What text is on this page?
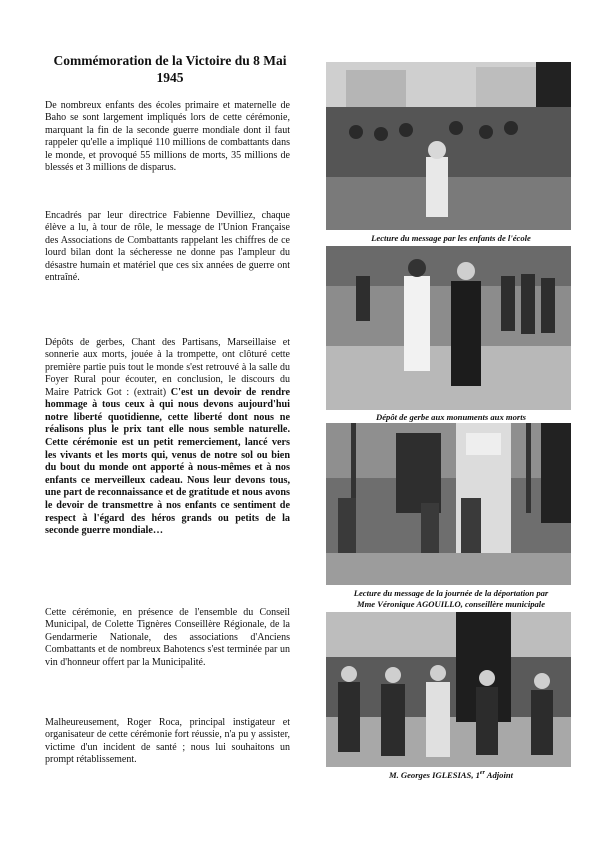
Commémoration de la Victoire du 8 Mai 1945

De nombreux enfants des écoles primaire et maternelle de Baho se sont largement impliqués lors de cette cérémonie, marquant la fin de la seconde guerre mondiale dont il faut rappeler qu'elle a impliqué 110 millions de combattants dans le monde, et provoqué 55 millions de morts, 35 millions de blessés et 3 millions de disparus.

Encadrés par leur directrice Fabienne Devilliez, chaque élève a lu, à tour de rôle, le message de l'Union Française des Associations de Combattants rappelant les chiffres de ce lourd bilan dont la sécheresse ne donne pas l'ampleur du désastre humain et matériel que ces six années de guerre ont entraîné.

Dépôts de gerbes, Chant des Partisans, Marseillaise et sonnerie aux morts, jouée à la trompette, ont clôturé cette première partie puis tout le monde s'est retrouvé à la salle du Foyer Rural pour écouter, en conclusion, le discours du Maire Patrick Got : (extrait) C'est un devoir de rendre hommage à tous ceux à qui nous devons aujourd'hui notre liberté quotidienne, cette liberté dont nous ne réalisons plus le prix tant elle nous semble naturelle. Cette cérémonie est un petit remerciement, lancé vers les vivants et les morts qui, venus de notre sol ou bien du bout du monde ont apporté à nous-mêmes et à nos enfants ce merveilleux cadeau. Nous leur devons tous, une part de reconnaissance et de gratitude et nous avons le devoir de transmettre à nos enfants ce sentiment de respect à l'égard des héros grands ou petits de la seconde guerre mondiale…

Cette cérémonie, en présence de l'ensemble du Conseil Municipal, de Colette Tignères Conseillère Régionale, de la Gendarmerie Nationale, des associations d'Anciens Combattants et de nombreux Bahotencs s'est terminée par un vin d'honneur offert par la Municipalité.

Malheureusement, Roger Roca, principal instigateur et organisateur de cette cérémonie fort réussie, n'a pu y assister, victime d'un incident de santé ; nous lui souhaitons un prompt rétablissement.

Lecture du message par les enfants de l'école
Dépôt de gerbe aux monuments aux morts
Lecture du message de la journée de la déportation par
Mme Véronique AGOUILLO, conseillère municipale
M. Georges IGLESIAS, 1er Adjoint
